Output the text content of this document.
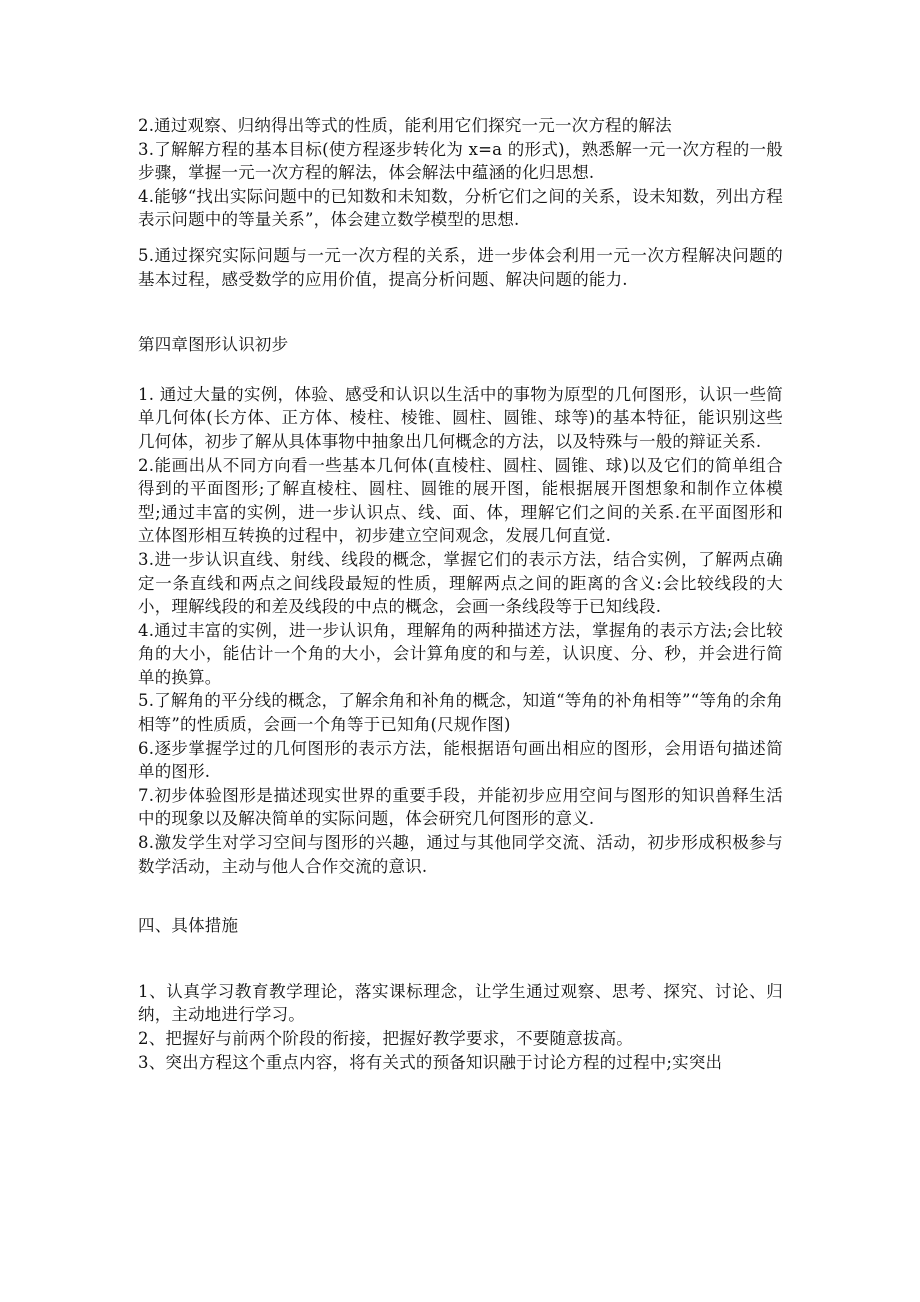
2.通过观察、归纳得出等式的性质，能利用它们探究一元一次方程的解法

3.了解解方程的基本目标(使方程逐步转化为 x=a 的形式)，熟悉解一元一次方程的一般步骤，掌握一元一次方程的解法，体会解法中蕴涵的化归思想.

4.能够“找出实际问题中的已知数和未知数，分析它们之间的关系，设未知数，列出方程表示问题中的等量关系”，体会建立数学模型的思想.

5.通过探究实际问题与一元一次方程的关系，进一步体会利用一元一次方程解决问题的基本过程，感受数学的应用价值，提高分析问题、解决问题的能力.

第四章图形认识初步

1. 通过大量的实例，体验、感受和认识以生活中的事物为原型的几何图形，认识一些简单几何体(长方体、正方体、棱柱、棱锥、圆柱、圆锥、球等)的基本特征，能识别这些几何体，初步了解从具体事物中抽象出几何概念的方法，以及特殊与一般的辩证关系.

2.能画出从不同方向看一些基本几何体(直棱柱、圆柱、圆锥、球)以及它们的简单组合得到的平面图形;了解直棱柱、圆柱、圆锥的展开图，能根据展开图想象和制作立体模型;通过丰富的实例，进一步认识点、线、面、体，理解它们之间的关系.在平面图形和立体图形相互转换的过程中，初步建立空间观念，发展几何直觉.

3.进一步认识直线、射线、线段的概念，掌握它们的表示方法，结合实例，了解两点确定一条直线和两点之间线段最短的性质，理解两点之间的距离的含义:会比较线段的大小，理解线段的和差及线段的中点的概念，会画一条线段等于已知线段.

4.通过丰富的实例，进一步认识角，理解角的两种描述方法，掌握角的表示方法;会比较角的大小，能估计一个角的大小，会计算角度的和与差，认识度、分、秒，并会进行简单的换算。

5.了解角的平分线的概念，了解余角和补角的概念，知道“等角的补角相等”“等角的余角相等”的性质质，会画一个角等于已知角(尺规作图)

6.逐步掌握学过的几何图形的表示方法，能根据语句画出相应的图形，会用语句描述简单的图形.

7.初步体验图形是描述现实世界的重要手段，并能初步应用空间与图形的知识兽释生活中的现象以及解决简单的实际问题，体会研究几何图形的意义.

8.激发学生对学习空间与图形的兴趣，通过与其他同学交流、活动，初步形成积极参与数学活动，主动与他人合作交流的意识.

四、具体措施

1、认真学习教育教学理论，落实课标理念，让学生通过观察、思考、探究、讨论、归纳，主动地进行学习。

2、把握好与前两个阶段的衔接，把握好教学要求，不要随意拔高。

3、突出方程这个重点内容，将有关式的预备知识融于讨论方程的过程中;实突出
